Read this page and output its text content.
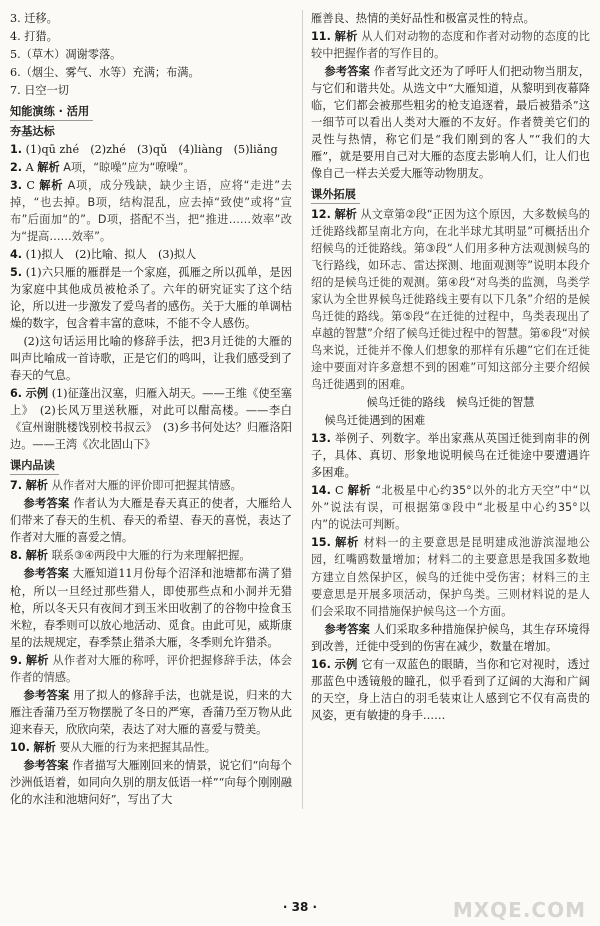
3. 迁移。
4. 打猎。
5.（草木）凋谢零落。
6.（烟尘、雾气、水等）充满；布满。
7. 日空一切
知能演练 · 活用
夯基达标
1. (1)qū zhé　(2)zhé　(3)qǔ　(4)liàng　(5)liǎng
2. A 解析 A项，“晾噪”应为“嘹噪”。
3. C 解析 A项，成分残缺，缺少主语，应将“走进”去掉，“也去掉。B项，结构混乱，应去掉“致使”或将“宣布”后面加“的”。D项，搭配不当，把“推进……效率”改为“提高……效率”。
4. (1)拟人　(2)比喻、拟人　(3)拟人
5. (1)六只雁的雁群是一个家庭，孤雁之所以孤单，是因为家庭中其他成员被枪杀了。六年的研究证实了这个结论，所以进一步激发了爱鸟者的感伤。关于大雁的单调枯燥的数字，包含着丰富的意味，不能不令人感伤。
(2)这句话运用比喻的修辞手法，把3月迁徙的大雁的叫声比喻成一首诗歌，正是它们的鸣叫，让我们感受到了春天的气息。
6. 示例 (1)征蓬出汉塞，归雁入胡天。——王维《使至塞上》　(2)长风万里送秋雁，对此可以酣高楼。——李白《宣州谢朓楼饯别校书叔云》　(3)乡书何处达？归雁洛阳边。——王湾《次北固山下》
课内品读
7. 解析 从作者对大雁的评价即可把握其情感。
参考答案 作者认为大雁是春天真正的使者，大雁给人们带来了春天的生机、春天的希望、春天的喜悦，表达了作者对大雁的喜爱之情。
8. 解析 联系③④两段中大雁的行为来理解把握。
参考答案 大雁知道11月份每个沼泽和池塘都布满了猎枪，所以一旦经过那些猎人，即使那些点和小洞并无猎枪，所以冬天只有夜间才到玉米田收割了的谷物中捡食玉米粒，春季则可以放心地活动、觅食。由此可见，威斯康星的法规规定，春季禁止猎杀大雁，冬季则允许猎杀。
9. 解析 从作者对大雁的称呼，评价把握修辞手法，体会作者的情感。
参考答案 用了拟人的修辞手法，也就是说，归来的大雁注香蒲乃至万物摆脱了冬日的严寒，香蒲乃至万物从此迎来春天，欣欣向荣，表达了对大雁的喜爱与赞美。
10. 解析 要从大雁的行为来把握其品性。
参考答案 作者描写大雁刚回来的情景，说它们“向每个沙洲低语着，如同向久别的朋友低语一样”“向每个刚刚融化的水洼和池塘问好”，写出了大
雁善良、热情的美好品性和极富灵性的特点。
11. 解析 从人们对动物的态度和作者对动物的态度的比较中把握作者的写作目的。
参考答案 作者写此文还为了呼吁人们把动物当朋友，与它们和谐共处。从选文中“大雁知道，从黎明到夜幕降临，它们都会被那些粗劣的枪支追逐着，最后被猎杀”这一细节可以看出人类对大雁的不友好。作者赞美它们的灵性与热情，称它们是“我们刚到的客人”“我们的大雁”，就是要用自己对大雁的态度去影响人们，让人们也像自己一样去关爱大雁等动物朋友。
课外拓展
12. 解析 从文章第②段“正因为这个原因，大多数候鸟的迁徙路线都呈南北方向，在北半球尤其明显”可概括出介绍候鸟的迁徙路线。第③段“人们用多种方法观测候鸟的飞行路线，如环志、雷达探测、地面观测等”说明本段介绍的是候鸟迁徙的观测。第④段“对鸟类的监测，鸟类学家认为全世界候鸟迁徙路线主要有以下几条”介绍的是候鸟迁徙的路线。第⑤段“在迁徙的过程中，鸟类表现出了卓越的智慧”介绍了候鸟迁徙过程中的智慧。第⑥段“对候鸟来说，迁徙并不像人们想象的那样有乐趣”它们在迁徙途中要面对许多意想不到的困难”可知这部分主要介绍候鸟迁徙遇到的困难。
候鸟迁徙的路线　候鸟迁徙的智慧
候鸟迁徙遇到的困难
13. 举例子、列数字。举出家燕从英国迁徙到南非的例子，具体、真切、形象地说明候鸟在迁徙途中要遭遇许多困难。
14. C 解析 “北极星中心约35°以外的北方天空”中“以外”说法有误，可根据第③段中“北极星中心约35°以内”的说法可判断。
15. 解析 材料一的主要意思是昆明建成池游滨湿地公园，红嘴鸥数量增加；材料二的主要意思是我国多数地方建立自然保护区，候鸟的迁徙中受伤害；材料三的主要意思是开展多项活动，保护鸟类。三则材料说的是人们会采取不同措施保护候鸟这一个方面。
参考答案 人们采取多种措施保护候鸟，其生存环境得到改善，迁徙中受到的伤害在减少，数量在增加。
16. 示例 它有一双蓝色的眼睛，当你和它对视时，透过那蓝色中透镜般的瞳孔，似乎看到了辽阔的大海和广阔的天空，身上洁白的羽毛装束让人感到它不仅有高贵的风姿，更有敏捷的身手……
· 38 ·	MXQE.COM
